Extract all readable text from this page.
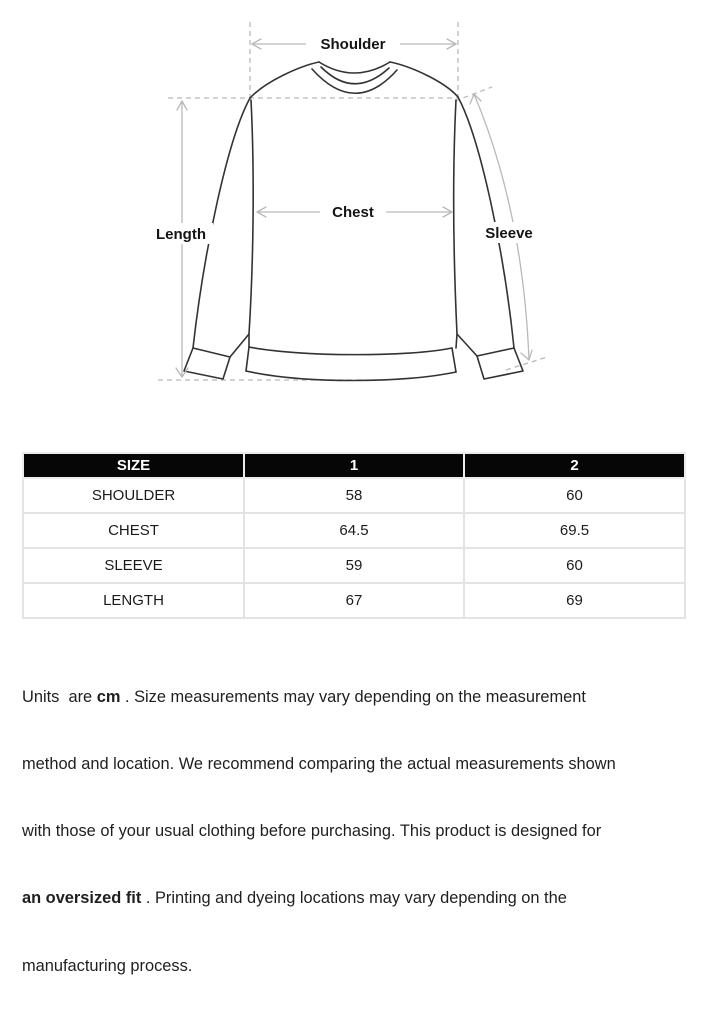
Shoulder
Chest
Length	Sleeve
SIZE	1	2
SHOULDER	58	60
CHEST	64.5	69.5
SLEEVE	59	60
LENGTH	67	69

Units  are cm . Size measurements may vary depending on the measurement

method and location. We recommend comparing the actual measurements shown

with those of your usual clothing before purchasing. This product is designed for

an oversized fit . Printing and dyeing locations may vary depending on the

manufacturing process.
